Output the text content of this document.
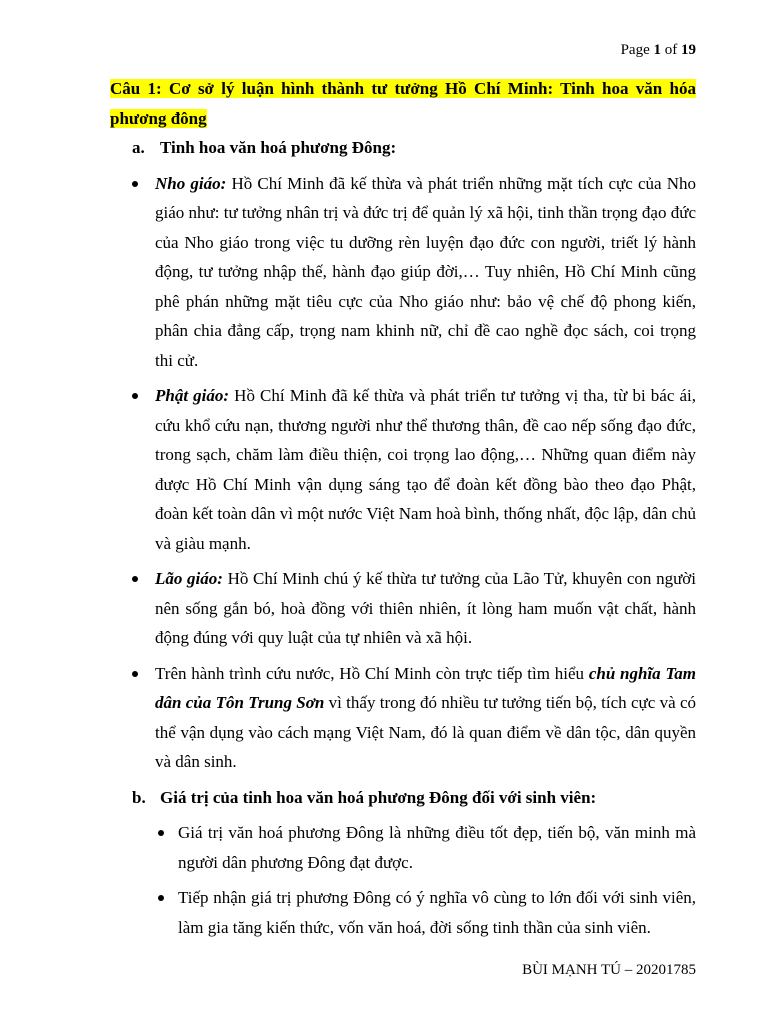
Page 1 of 19

Câu 1: Cơ sở lý luận hình thành tư tưởng Hồ Chí Minh: Tinh hoa văn hóa phương đông

a. Tinh hoa văn hoá phương Đông:

Nho giáo: Hồ Chí Minh đã kế thừa và phát triển những mặt tích cực của Nho giáo như: tư tưởng nhân trị và đức trị để quản lý xã hội, tinh thần trọng đạo đức của Nho giáo trong việc tu dưỡng rèn luyện đạo đức con người, triết lý hành động, tư tưởng nhập thế, hành đạo giúp đời,… Tuy nhiên, Hồ Chí Minh cũng phê phán những mặt tiêu cực của Nho giáo như: bảo vệ chế độ phong kiến, phân chia đẳng cấp, trọng nam khinh nữ, chỉ đề cao nghề đọc sách, coi trọng thi cử.
Phật giáo: Hồ Chí Minh đã kế thừa và phát triển tư tưởng vị tha, từ bi bác ái, cứu khổ cứu nạn, thương người như thể thương thân, đề cao nếp sống đạo đức, trong sạch, chăm làm điều thiện, coi trọng lao động,… Những quan điểm này được Hồ Chí Minh vận dụng sáng tạo để đoàn kết đồng bào theo đạo Phật, đoàn kết toàn dân vì một nước Việt Nam hoà bình, thống nhất, độc lập, dân chủ và giàu mạnh.
Lão giáo: Hồ Chí Minh chú ý kế thừa tư tưởng của Lão Tử, khuyên con người nên sống gắn bó, hoà đồng với thiên nhiên, ít lòng ham muốn vật chất, hành động đúng với quy luật của tự nhiên và xã hội.
Trên hành trình cứu nước, Hồ Chí Minh còn trực tiếp tìm hiểu chủ nghĩa Tam dân của Tôn Trung Sơn vì thấy trong đó nhiều tư tưởng tiến bộ, tích cực và có thể vận dụng vào cách mạng Việt Nam, đó là quan điểm về dân tộc, dân quyền và dân sinh.

b. Giá trị của tinh hoa văn hoá phương Đông đối với sinh viên:

Giá trị văn hoá phương Đông là những điều tốt đẹp, tiến bộ, văn minh mà người dân phương Đông đạt được.
Tiếp nhận giá trị phương Đông có ý nghĩa vô cùng to lớn đối với sinh viên, làm gia tăng kiến thức, vốn văn hoá, đời sống tinh thần của sinh viên.
BÙI MẠNH TÚ – 20201785
